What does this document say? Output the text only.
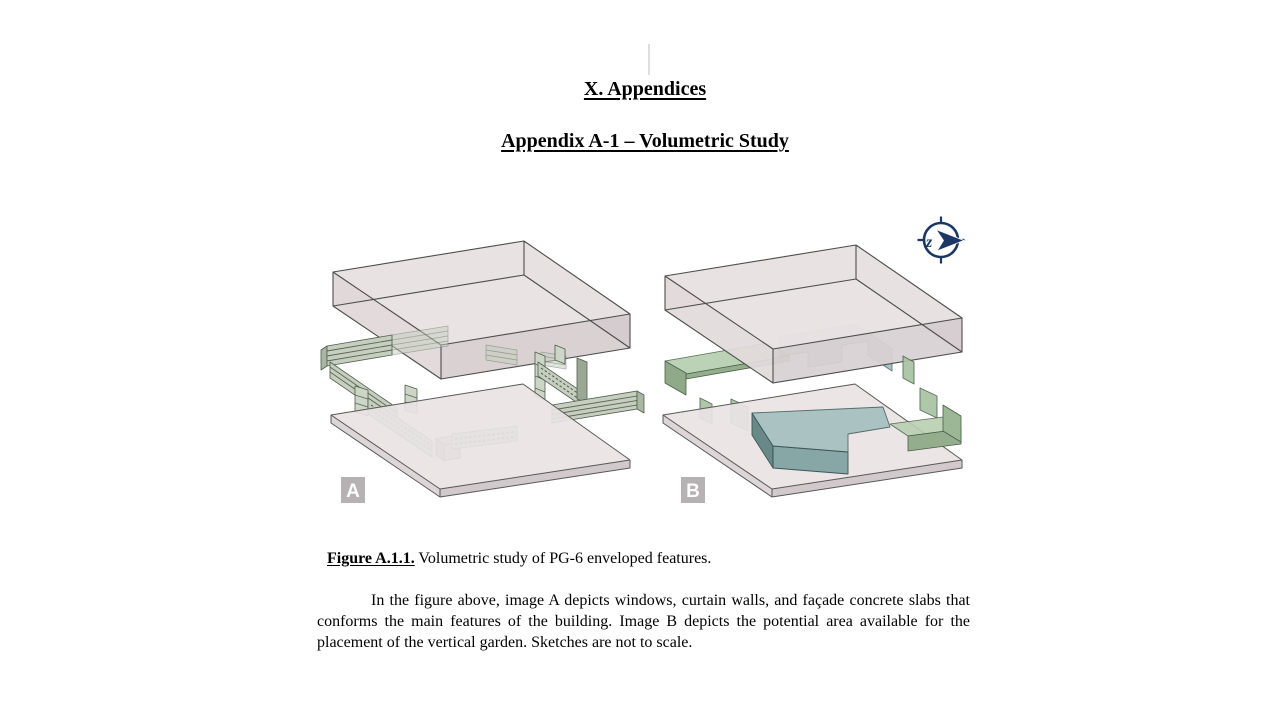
X. Appendices
Appendix A-1 – Volumetric Study
A	B
z

Figure A.1.1. Volumetric study of PG-6 enveloped features.

In the figure above, image A depicts windows, curtain walls, and façade concrete slabs that conforms the main features of the building. Image B depicts the potential area available for the placement of the vertical garden. Sketches are not to scale.
